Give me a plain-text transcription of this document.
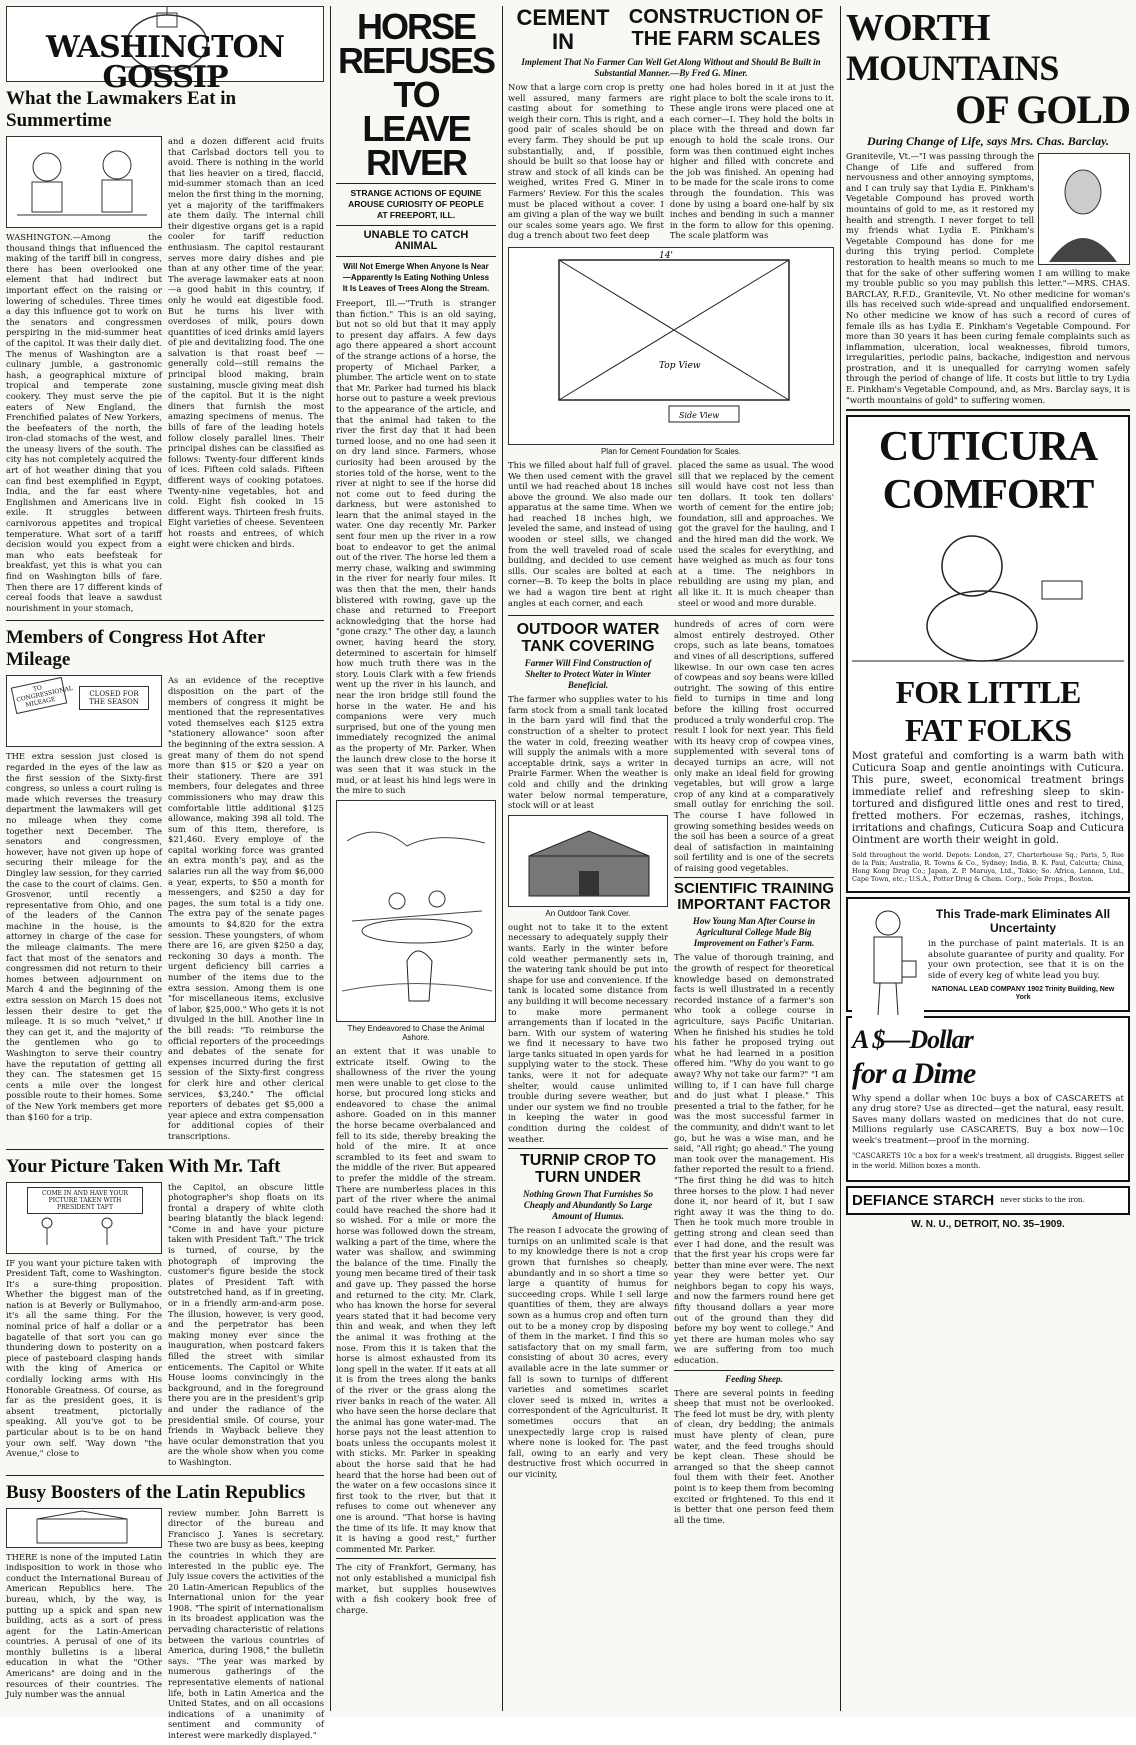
WASHINGTON GOSSIP
What the Lawmakers Eat in Summertime

WASHINGTON.—Among the thousand things that influenced the making of the tariff bill in congress, there has been overlooked one element that had indirect but important effect on the raising or lowering of schedules. Three times a day this influence got to work on the senators and congressmen perspiring in the mid-summer heat of the capitol. It was their daily diet. The menus of Washington are a culinary jumble, a gastronomic hash, a geographical mixture of tropical and temperate zone cookery. They must serve the pie eaters of New England, the Frenchified palates of New Yorkers, the beefeaters of the north, the iron-clad stomachs of the west, and the uneasy livers of the south. The city has not completely acquired the art of hot weather dining that you can find best exemplified in Egypt, India, and the far east where Englishmen and Americans live in exile. It struggles between carnivorous appetites and tropical temperature. What sort of a tariff decision would you expect from a man who eats beefsteak for breakfast, yet this is what you can find on Washington bills of fare. Then there are 17 different kinds of cereal foods that leave a sawdust nourishment in your stomach,

and a dozen different acid fruits that Carlsbad doctors tell you to avoid. There is nothing in the world that lies heavier on a tired, flaccid, mid-summer stomach than an iced melon the first thing in the morning, yet a majority of the tariffmakers ate them daily. The internal chill their digestive organs get is a rapid cooler for tariff reduction enthusiasm. The capitol restaurant serves more dairy dishes and pie than at any other time of the year. The average lawmaker eats at noon—a good habit in this country, if only he would eat digestible food. But he turns his liver with overdoses of milk, pours down quantities of iced drinks amid layers of pie and devitalizing food. The one salvation is that roast beef —generally cold—still remains the principal blood making, brain sustaining, muscle giving meat dish of the capitol. But it is the night diners that furnish the most amazing specimens of menus. The bills of fare of the leading hotels follow closely parallel lines. Their principal dishes can be classified as follows: Twenty-four different kinds of ices. Fifteen cold salads. Fifteen different ways of cooking potatoes. Twenty-nine vegetables, hot and cold. Eight fish cooked in 15 different ways. Thirteen fresh fruits. Eight varieties of cheese. Seventeen hot roasts and entrees, of which eight were chicken and birds.

Members of Congress Hot After Mileage
TO CONGRESSIONAL MILEAGE
CLOSED FOR THE SEASON

THE extra session just closed is regarded in the eyes of the law as the first session of the Sixty-first congress, so unless a court ruling is made which reverses the treasury department the lawmakers will get no mileage when they come together next December. The senators and congressmen, however, have not given up hope of securing their mileage for the Dingley law session, for they carried the case to the court of claims. Gen. Grosvenor, until recently a representative from Ohio, and one of the leaders of the Cannon machine in the house, is the attorney in charge of the case for the mileage claimants. The mere fact that most of the senators and congressmen did not return to their homes between adjournment on March 4 and the beginning of the extra session on March 15 does not lessen their desire to get the mileage. It is so much "velvet," if they can get it, and the majority of the gentlemen who go to Washington to serve their country have the reputation of getting all they can. The statesmen get 15 cents a mile over the longest possible route to their homes. Some of the New York members get more than $160 for a trip.

As an evidence of the receptive disposition on the part of the members of congress it might be mentioned that the representatives voted themselves each $125 extra "stationery allowance" soon after the beginning of the extra session. A great many of them do not spend more than $15 or $20 a year on their stationery. There are 391 members, four delegates and three commissioners who may draw this comfortable little additional $125 allowance, making 398 all told. The sum of this item, therefore, is $21,460. Every employe of the capital working force was granted an extra month's pay, and as the salaries run all the way from $6,000 a year, experts, to $50 a month for messengers, and $250 a day for pages, the sum total is a tidy one. The extra pay of the senate pages amounts to $4,820 for the extra session. These youngsters, of whom there are 16, are given $250 a day, reckoning 30 days a month. The urgent deficiency bill carries a number of the items due to the extra session. Among them is one "for miscellaneous items, exclusive of labor, $25,000." Who gets it is not divulged in the bill. Another line in the bill reads: "To reimburse the official reporters of the proceedings and debates of the senate for expenses incurred during the first session of the Sixty-first congress for clerk hire and other clerical services, $3,240." The official reporters of debates get $5,000 a year apiece and extra compensation for additional copies of their transcriptions.

Your Picture Taken With Mr. Taft
COME IN AND HAVE YOUR PICTURE TAKEN WITH PRESIDENT TAFT

IF you want your picture taken with President Taft, come to Washington. It's a sure-thing proposition. Whether the biggest man of the nation is at Beverly or Bullymahoo, it's all the same thing. For the nominal price of half a dollar or a bagatelle of that sort you can go thundering down to posterity on a piece of pasteboard clasping hands with the king of America or cordially locking arms with His Honorable Greatness. Of course, as far as the president goes, it is absent treatment, pictorially speaking. All you've got to be particular about is to be on hand your own self. 'Way down "the Avenue," close to

the Capitol, an obscure little photographer's shop floats on its frontal a drapery of white cloth bearing blatantly the black legend: "Come in and have your picture taken with President Taft." The trick is turned, of course, by the photograph of improving the customer's figure beside the stock plates of President Taft with outstretched hand, as if in greeting, or in a friendly arm-and-arm pose. The illusion, however, is very good, and the perpetrator has been making money ever since the inauguration, when postcard fakers filled the street with similar enticements. The Capitol or White House looms convincingly in the background, and in the foreground there you are in the president's grip and under the radiance of the presidential smile. Of course, your friends in Wayback believe they have ocular demonstration that you are the whole show when you come to Washington.

Busy Boosters of the Latin Republics

THERE is none of the imputed Latin indisposition to work in those who conduct the International Bureau of American Republics here. The bureau, which, by the way, is putting up a spick and span new building, acts as a sort of press agent for the Latin-American countries. A perusal of one of its monthly bulletins is a liberal education in what the "Other Americans" are doing and in the resources of their countries. The July number was the annual

review number. John Barrett is director of the bureau and Francisco J. Yanes is secretary. These two are busy as bees, keeping the countries in which they are interested in the public eye. The July issue covers the activities of the 20 Latin-American Republics of the International union for the year 1908. "The spirit of internationalism in its broadest application was the pervading characteristic of relations between the various countries of America, during 1908," the bulletin says. "The year was marked by numerous gatherings of the representative elements of national life, both in Latin America and the United States, and on all occasions indications of a unanimity of sentiment and community of interest were markedly displayed."

HORSE REFUSES TO LEAVE RIVER
STRANGE ACTIONS OF EQUINE AROUSE CURIOSITY OF PEOPLE AT FREEPORT, ILL.
UNABLE TO CATCH ANIMAL
Will Not Emerge When Anyone Is Near —Apparently Is Eating Nothing Unless It Is Leaves of Trees Along the Stream.

Freeport, Ill.—"Truth is stranger than fiction." This is an old saying, but not so old but that it may apply to present day affairs. A few days ago there appeared a short account of the strange actions of a horse, the property of Michael Parker, a plumber. The article went on to state that Mr. Parker had turned his black horse out to pasture a week previous to the appearance of the article, and that the animal had taken to the river the first day that it had been turned loose, and no one had seen it on dry land since. Farmers, whose curiosity had been aroused by the stories told of the horse, went to the river at night to see if the horse did not come out to feed during the darkness, but were astonished to learn that the animal stayed in the water. One day recently Mr. Parker sent four men up the river in a row boat to endeavor to get the animal out of the river. The horse led them a merry chase, walking and swimming in the river for nearly four miles. It was then that the men, their hands blistered with rowing, gave up the chase and returned to Freeport acknowledging that the horse had "gone crazy." The other day, a launch owner, having heard the story, determined to ascertain for himself how much truth there was in the story. Louis Clark with a few friends went up the river in his launch, and near the iron bridge still found the horse in the water. He and his companions were very much surprised, but one of the young men immediately recognized the animal as the property of Mr. Parker. When the launch drew close to the horse it was seen that it was stuck in the mud, or at least his hind legs were in the mire to such

They Endeavored to Chase the Animal Ashore.

an extent that it was unable to extricate itself. Owing to the shallowness of the river the young men were unable to get close to the horse, but procured long sticks and endeavored to chase the animal ashore. Goaded on in this manner the horse became overbalanced and fell to its side, thereby breaking the hold of the mire. It at once scrambled to its feet and swam to the middle of the river. But appeared to prefer the middle of the stream. There are numberless places in this part of the river where the animal could have reached the shore had it so wished. For a mile or more the horse was followed down the stream, walking a part of the time, where the water was shallow, and swimming the balance of the time. Finally the young men became tired of their task and gave up. They passed the horse and returned to the city. Mr. Clark, who has known the horse for several years stated that it had become very thin and weak, and when they left the animal it was frothing at the nose. From this it is taken that the horse is almost exhausted from its long spell in the water. If it eats at all it is from the trees along the banks of the river or the grass along the river banks in reach of the water. All who have seen the horse declare that the animal has gone water-mad. The horse pays not the least attention to boats unless the occupants molest it with sticks. Mr. Parker in speaking about the horse said that he had heard that the horse had been out of the water on a few occasions since it first took to the river, but that it refuses to come out whenever any one is around. "That horse is having the time of its life. It may know that it is having a good rest," further commented Mr. Parker.

The city of Frankfort, Germany, has not only established a municipal fish market, but supplies housewives with a fish cookery book free of charge.

CEMENT IN
CONSTRUCTION OF THE FARM SCALES
Implement That No Farmer Can Well Get Along Without and Should Be Built in Substantial Manner.—By Fred G. Miner.

Now that a large corn crop is pretty well assured, many farmers are casting about for something to weigh their corn. This is right, and a good pair of scales should be on every farm. They should be put up substantially, and, if possible, should be built so that loose hay or straw and stock of all kinds can be weighed, writes Fred G. Miner in Farmers' Review. For this the scales must be placed without a cover. I am giving a plan of the way we built our scales some years ago. We first dug a trench about two feet deep

one had holes bored in it at just the right place to bolt the scale irons to it. These angle irons were placed one at each corner—I. They hold the bolts in place with the thread and down far enough to hold the scale irons. Our form was then continued eight inches higher and filled with concrete and the job was finished. An opening had to be made for the scale irons to come through the foundation. This was done by using a board one-half by six inches and bending in such a manner in the form to allow for this opening. The scale platform was

Top View
Side View
14'
Plan for Cement Foundation for Scales.

This we filled about half full of gravel. We then used cement with the gravel until we had reached about 18 inches above the ground. We also made our apparatus at the same time. When we had reached 18 inches high, we leveled the same, and instead of using wooden or steel sills, we changed from the well traveled road of scale building, and decided to use cement sills. Our scales are bolted at each corner—B. To keep the bolts in place we had a wagon tire bent at right angles at each corner, and each

placed the same as usual. The wood sill that we replaced by the cement sill would have cost not less than ten dollars. It took ten dollars' worth of cement for the entire job; foundation, sill and approaches. We got the gravel for the hauling, and I and the hired man did the work. We used the scales for everything, and have weighed as much as four tons at a time. The neighbors in rebuilding are using my plan, and all like it. It is much cheaper than steel or wood and more durable.

OUTDOOR WATER TANK COVERING
Farmer Will Find Construction of Shelter to Protect Water in Winter Beneficial.

The farmer who supplies water to his farm stock from a small tank located in the barn yard will find that the construction of a shelter to protect the water in cold, freezing weather will supply the animals with a more acceptable drink, says a writer in Prairie Farmer. When the weather is cold and chilly and the drinking water below normal temperature, stock will or at least

An Outdoor Tank Cover.

ought not to take it to the extent necessary to adequately supply their wants. Early in the winter before cold weather permanently sets in, the watering tank should be put into shape for use and convenience. If the tank is located some distance from any building it will become necessary to make more permanent arrangements than if located in the barn. With our system of watering we find it necessary to have two large tanks situated in open yards for supplying water to the stock. These tanks, were it not for adequate shelter, would cause unlimited trouble during severe weather, but under our system we find no trouble in keeping the water in good condition during the coldest of weather.

TURNIP CROP TO TURN UNDER
Nothing Grown That Furnishes So Cheaply and Abundantly So Large Amount of Humus.

The reason I advocate the growing of turnips on an unlimited scale is that to my knowledge there is not a crop grown that furnishes so cheaply, abundantly and in so short a time so large a quantity of humus for succeeding crops. While I sell large quantities of them, they are always sown as a humus crop and often turn out to be a money crop by disposing of them in the market. I find this so satisfactory that on my small farm, consisting of about 30 acres, every available acre in the late summer or fall is sown to turnips of different varieties and sometimes scarlet clover seed is mixed in, writes a correspondent of the Agriculturist. It sometimes occurs that an unexpectedly large crop is raised where none is looked for. The past fall, owing to an early and very destructive frost which occurred in our vicinity,

hundreds of acres of corn were almost entirely destroyed. Other crops, such as late beans, tomatoes and vines of all descriptions, suffered likewise. In our own case ten acres of cowpeas and soy beans were killed outright. The sowing of this entire field to turnips in time and long before the killing frost occurred produced a truly wonderful crop. The result I look for next year. This field with its heavy crop of cowpea vines, supplemented with several tons of decayed turnips an acre, will not only make an ideal field for growing vegetables, but will grow a large crop of any kind at a comparatively small outlay for enriching the soil. The course I have followed in growing something besides weeds on the soil has been a source of a great deal of satisfaction in maintaining soil fertility and is one of the secrets of raising good vegetables.

SCIENTIFIC TRAINING IMPORTANT FACTOR
How Young Man After Course in Agricultural College Made Big Improvement on Father's Farm.

The value of thorough training, and the growth of respect for theoretical knowledge based on demonstrated facts is well illustrated in a recently recorded instance of a farmer's son who took a college course in agriculture, says Pacific Unitarian. When he finished his studies he told his father he proposed trying out what he had learned in a position offered him. "Why do you want to go away? Why not take our farm?" "I am willing to, if I can have full charge and do just what I please." This presented a trial to the father, for he was the most successful farmer in the community, and didn't want to let go, but he was a wise man, and he said, "All right; go ahead." The young man took over the management. His father reported the result to a friend. "The first thing he did was to hitch three horses to the plow. I had never done it, nor heard of it, but I saw right away it was the thing to do. Then he took much more trouble in getting strong and clean seed than ever I had done, and the result was that the first year his crops were far better than mine ever were. The next year they were better yet. Our neighbors began to copy his ways, and now the farmers round here get fifty thousand dollars a year more out of the ground than they did before my boy went to college." And yet there are human moles who say we are suffering from too much education.

Feeding Sheep.

There are several points in feeding sheep that must not be overlooked. The feed lot must be dry, with plenty of clean, dry bedding; the animals must have plenty of clean, pure water, and the feed troughs should be kept clean. These should be arranged so that the sheep cannot foul them with their feet. Another point is to keep them from becoming excited or frightened. To this end it is better that one person feed them all the time.

WORTH
MOUNTAINS
OF GOLD
During Change of Life, says Mrs. Chas. Barclay.

Granitevile, Vt.—"I was passing through the Change of Life and suffered from nervousness and other annoying symptoms, and I can truly say that Lydia E. Pinkham's Vegetable Compound has proved worth mountains of gold to me, as it restored my health and strength. I never forget to tell my friends what Lydia E. Pinkham's Vegetable Compound has done for me during this trying period. Complete restoration to health means so much to me that for the sake of other suffering women I am willing to make my trouble public so you may publish this letter."—MRS. CHAS. BARCLAY, R.F.D., Granitevile, Vt. No other medicine for woman's ills has received such wide-spread and unqualified endorsement. No other medicine we know of has such a record of cures of female ills as has Lydia E. Pinkham's Vegetable Compound. For more than 30 years it has been curing female complaints such as inflammation, ulceration, local weaknesses, fibroid tumors, irregularities, periodic pains, backache, indigestion and nervous prostration, and it is unequalled for carrying women safely through the period of change of life. It costs but little to try Lydia E. Pinkham's Vegetable Compound, and, as Mrs. Barclay says, it is "worth mountains of gold" to suffering women.

CUTICURA
COMFORT
FOR LITTLE
FAT FOLKS

Most grateful and comforting is a warm bath with Cuticura Soap and gentle anointings with Cuticura. This pure, sweet, economical treatment brings immediate relief and refreshing sleep to skin-tortured and disfigured little ones and rest to tired, fretted mothers. For eczemas, rashes, itchings, irritations and chafings, Cuticura Soap and Cuticura Ointment are worth their weight in gold.

Sold throughout the world. Depots: London, 27, Charterhouse Sq.; Paris, 5, Rue de la Paix; Australia, R. Towns & Co., Sydney; India, B. K. Paul, Calcutta; China, Hong Kong Drug Co.; Japan, Z. P. Maruya, Ltd., Tokio; So. Africa, Lennon, Ltd., Cape Town, etc.; U.S.A., Potter Drug & Chem. Corp., Sole Props., Boston.

This Trade-mark Eliminates All Uncertainty

in the purchase of paint materials. It is an absolute guarantee of purity and quality. For your own protection, see that it is on the side of every keg of white lead you buy.

NATIONAL LEAD COMPANY 1902 Trinity Building, New York
A $—Dollar
for a Dime

Why spend a dollar when 10c buys a box of CASCARETS at any drug store? Use as directed—get the natural, easy result. Saves many dollars wasted on medicines that do not cure. Millions regularly use CASCARETS. Buy a box now—10c week's treatment—proof in the morning.

"CASCARETS 10c a box for a week's treatment, all druggists. Biggest seller in the world. Million boxes a month.

DEFIANCE STARCH never sticks to the iron.
W. N. U., DETROIT, NO. 35–1909.
